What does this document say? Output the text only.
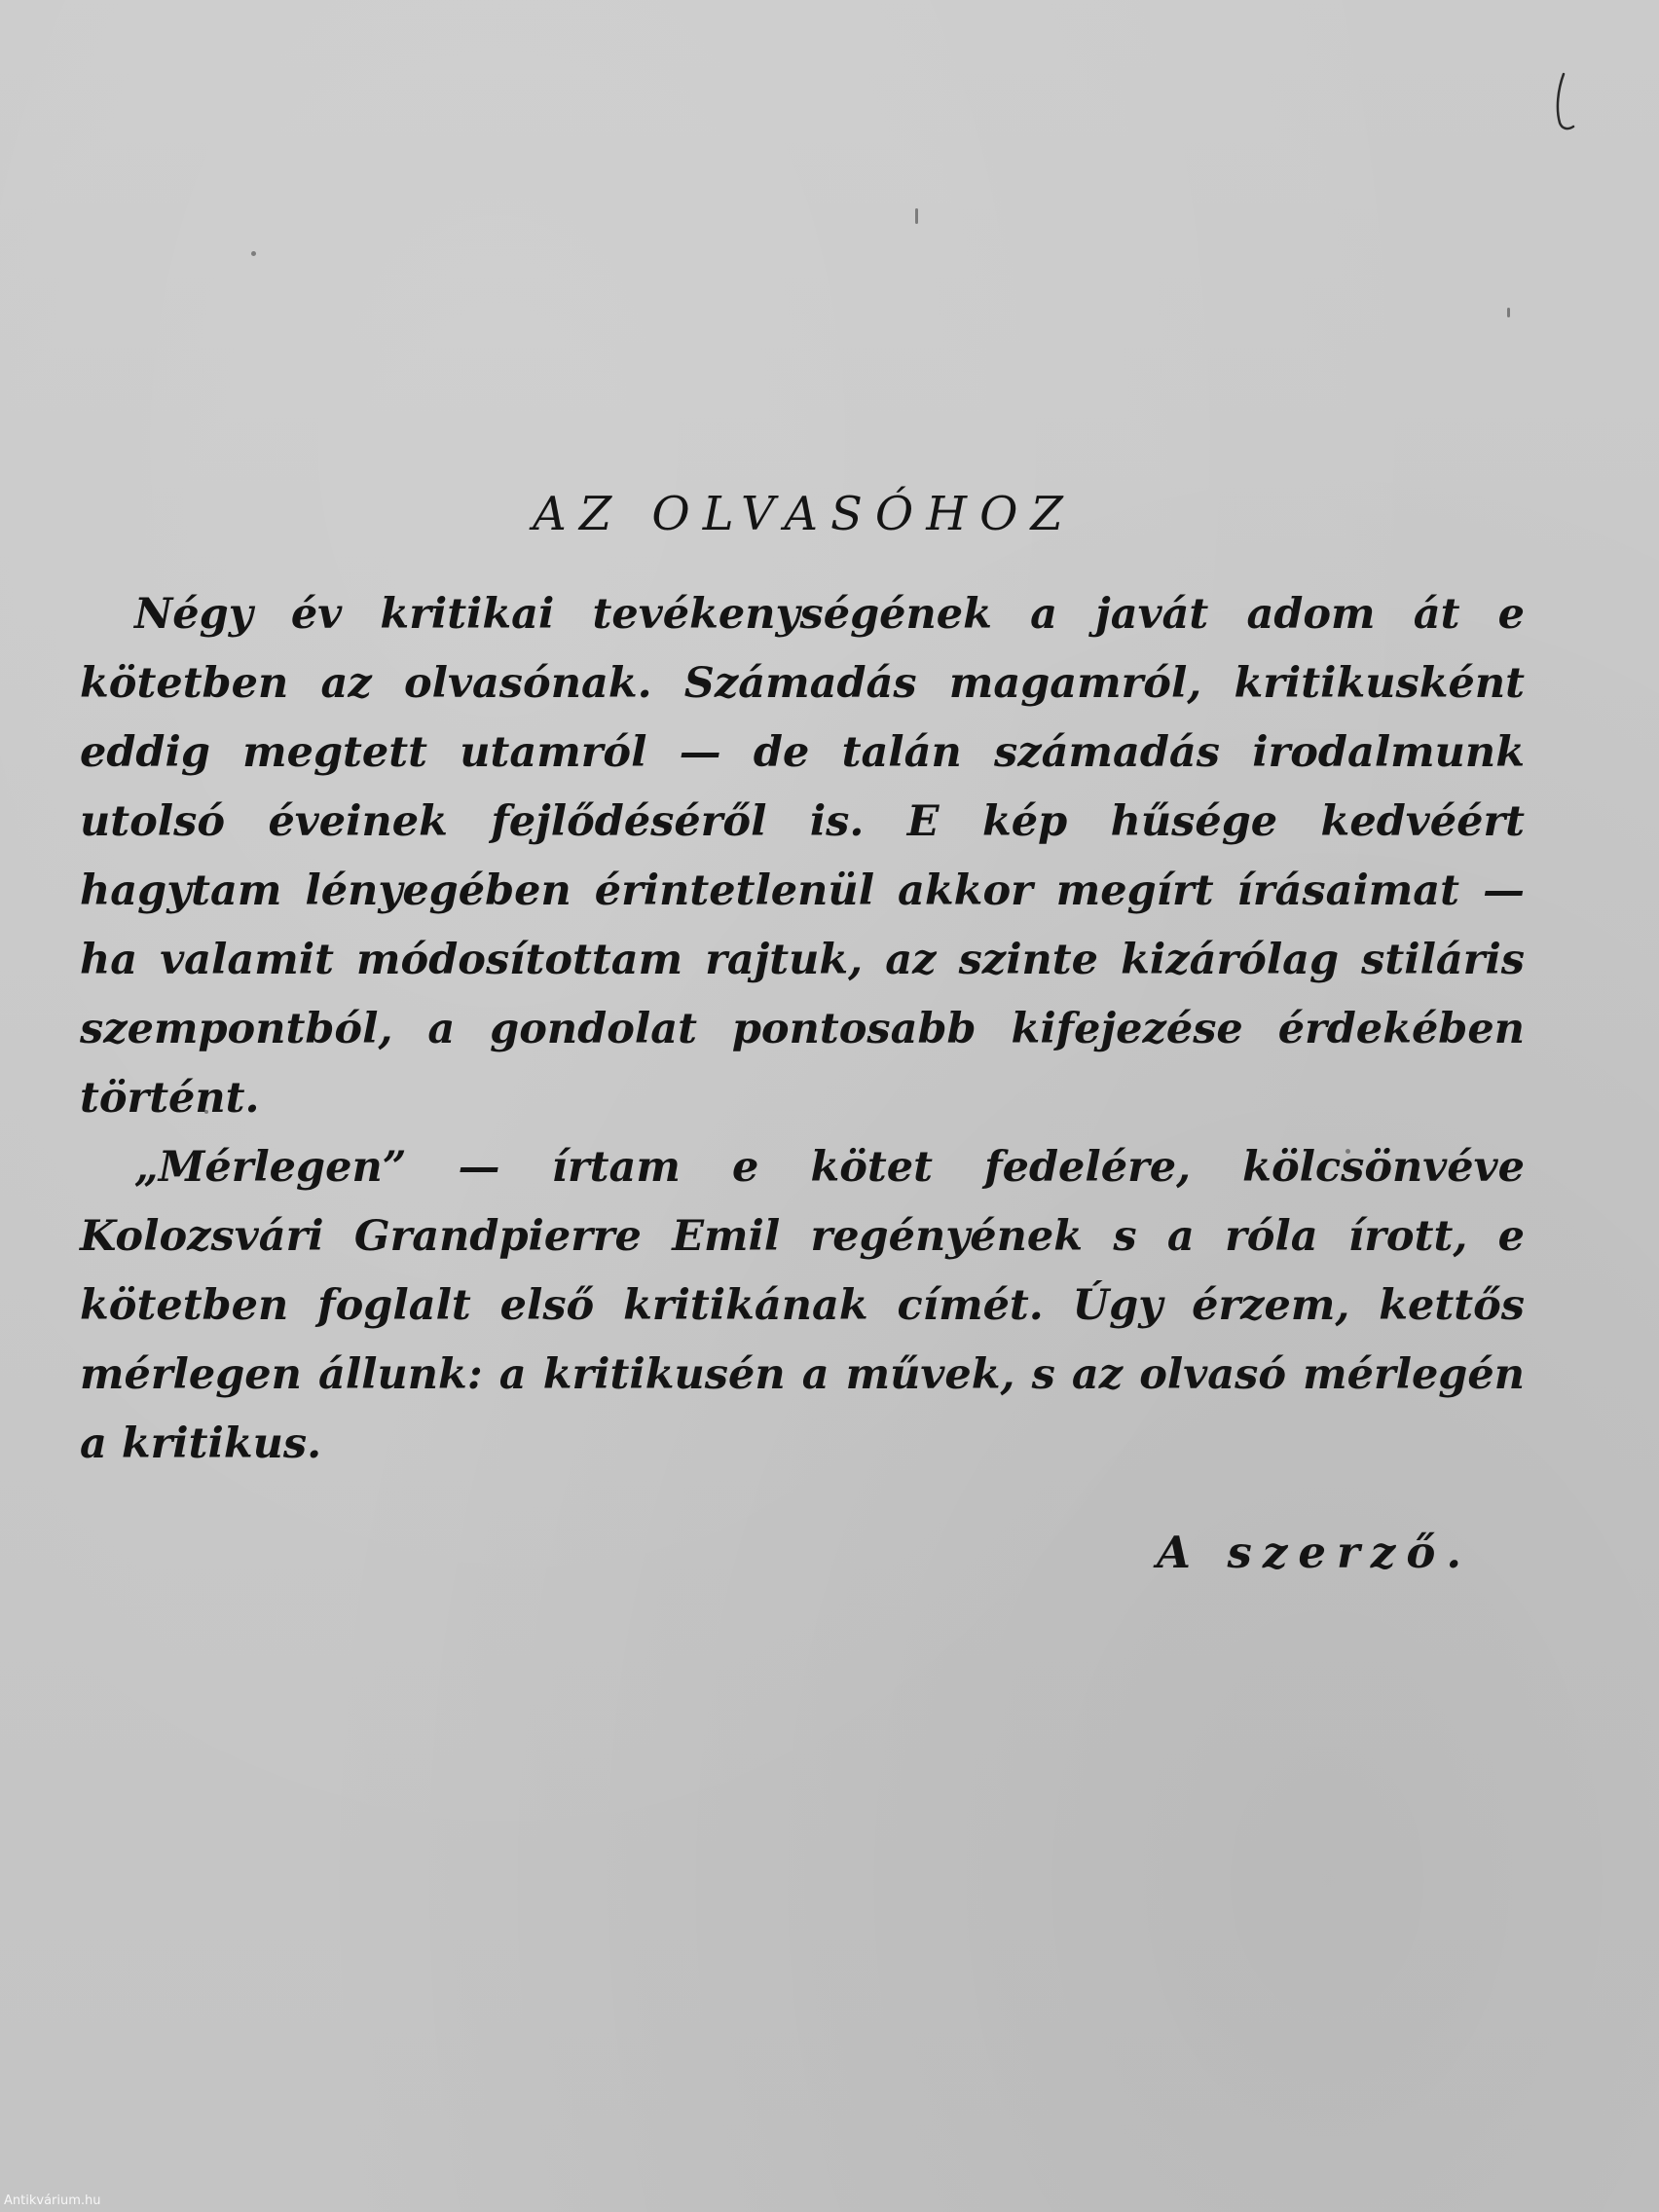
AZ OLVASÓHOZ

Négy év kritikai tevékenységének a javát adom át e kötetben az olvasónak. Számadás magamról, kritikusként eddig megtett utamról — de talán számadás irodalmunk utolsó éveinek fejlődéséről is. E kép hűsége kedvéért hagytam lényegében érintetlenül akkor megírt írásaimat — ha valamit módosítottam rajtuk, az szinte kizárólag stiláris szempontból, a gondolat pontosabb kifejezése érdekében történt.

„Mérlegen” — írtam e kötet fedelére, kölcsönvéve Kolozsvári Grandpierre Emil regényének s a róla írott, e kötetben foglalt első kritikának címét. Úgy érzem, kettős mérlegen állunk: a kritikusén a művek, s az olvasó mérlegén a kritikus.

A szerző.
Antikvárium.hu
